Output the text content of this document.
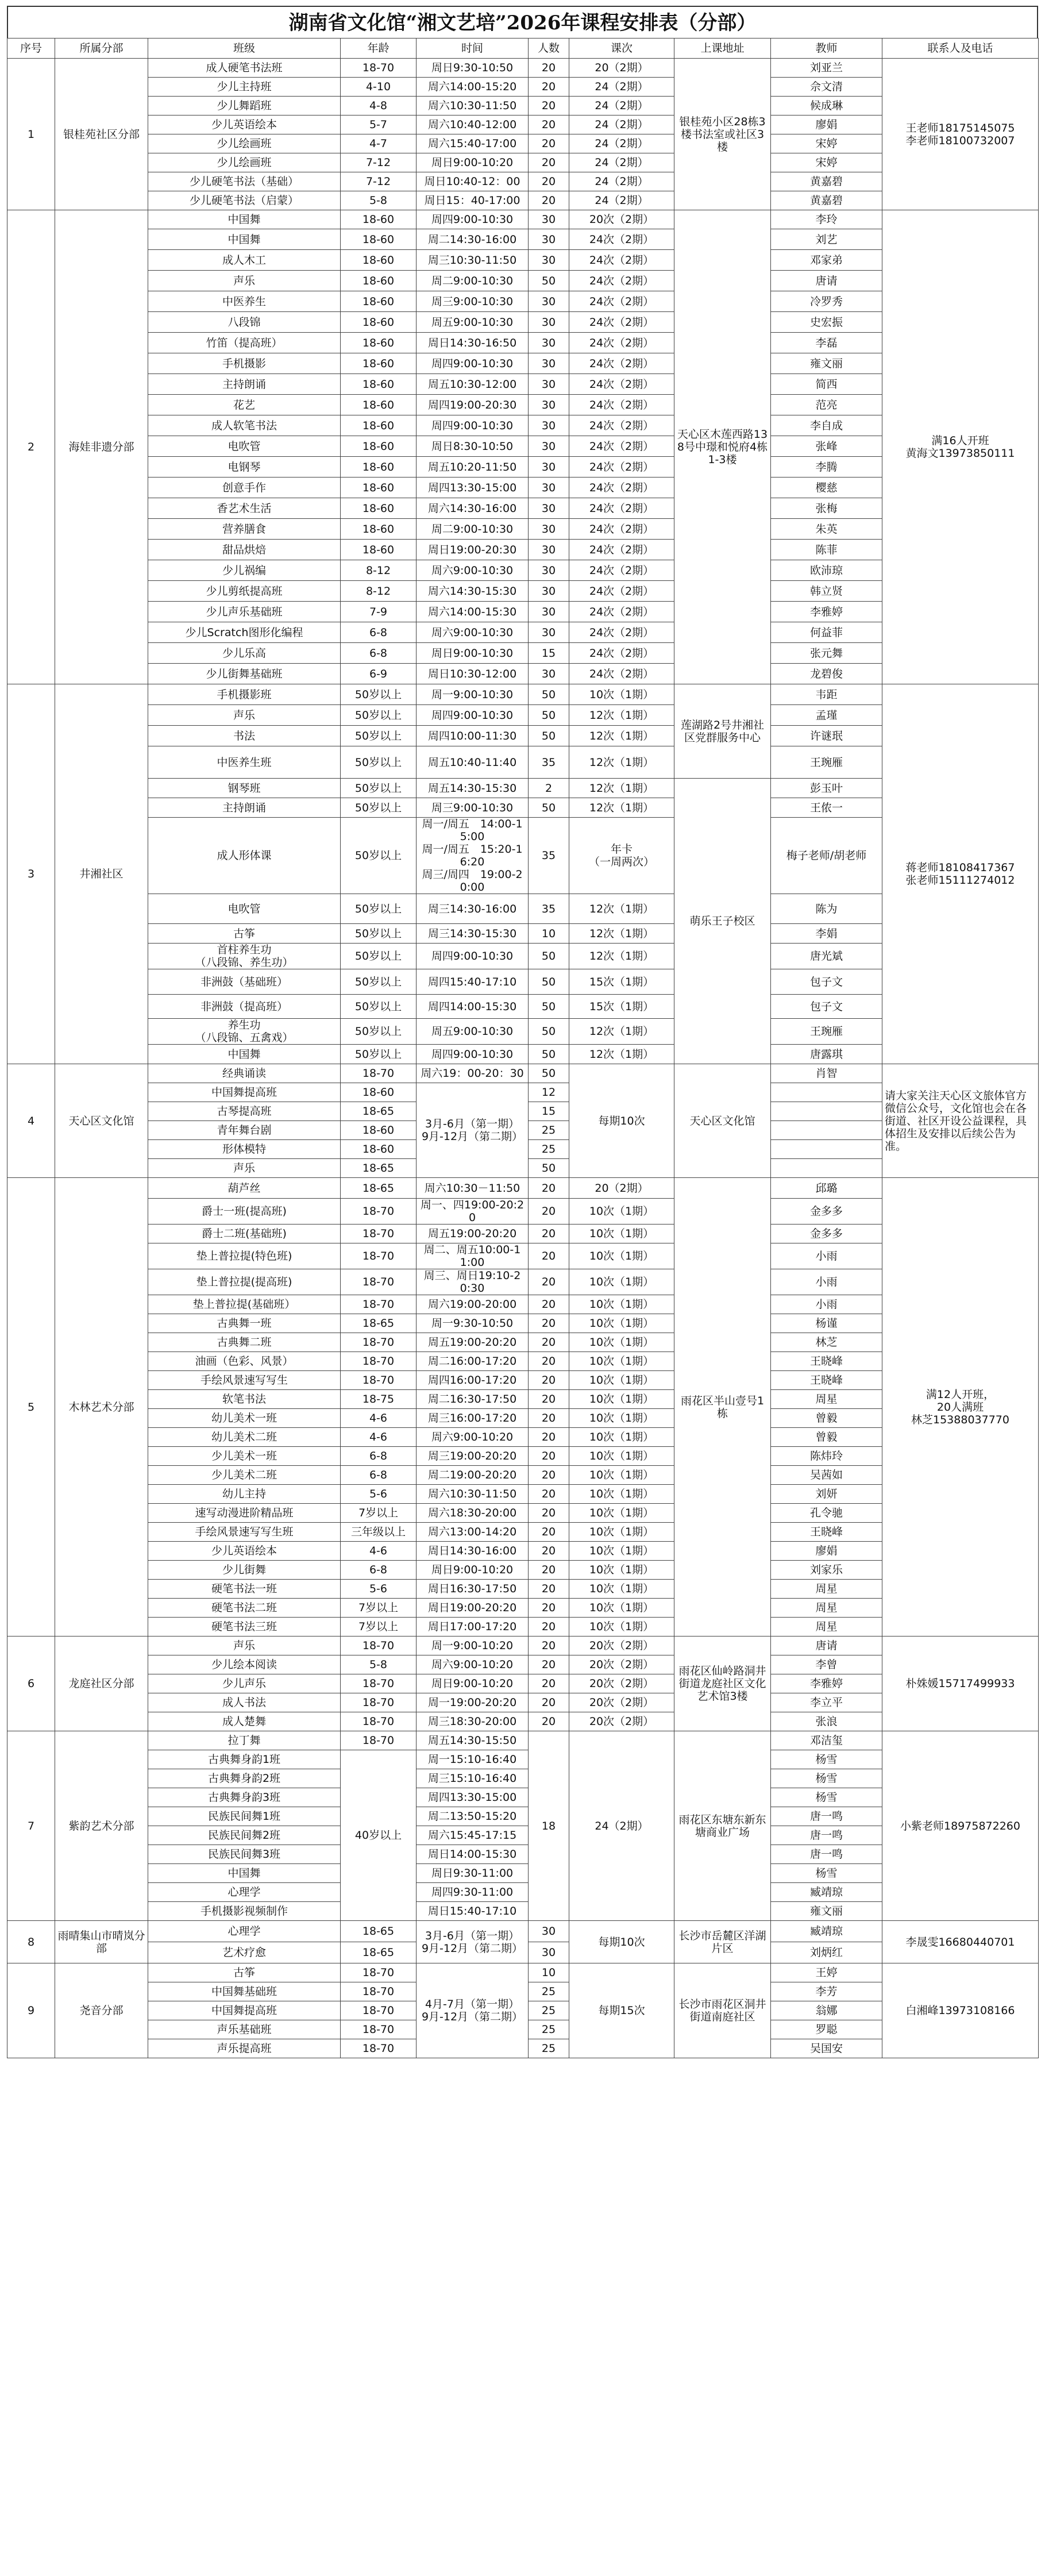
湖南省文化馆“湘文艺培”2026年课程安排表（分部）
序号	所属分部	班级	年龄	时间	人数	课次	上课地址	教师	联系人及电话
1	银桂苑社区分部	成人硬笔书法班	18-70	周日9:30-10:50	20	20（2期）	银桂苑小区28栋3楼书法室或社区3楼	刘亚兰	王老师18175145075
李老师18100732007
		少儿主持班	4-10	周六14:00-15:20	20	24（2期）		佘文清	
		少儿舞蹈班	4-8	周六10:30-11:50	20	24（2期）		候成琳	
		少儿英语绘本	5-7	周六10:40-12:00	20	24（2期）		廖娟	
		少儿绘画班	4-7	周六15:40-17:00	20	24（2期）		宋婷	
		少儿绘画班	7-12	周日9:00-10:20	20	24（2期）		宋婷	
		少儿硬笔书法（基础）	7-12	周日10:40-12：00	20	24（2期）		黄嘉碧	
		少儿硬笔书法（启蒙）	5-8	周日15：40-17:00	20	24（2期）		黄嘉碧	
2	海娃非遗分部	中国舞	18-60	周四9:00-10:30	30	20次（2期）	天心区木莲西路138号中璟和悦府4栋1-3楼	李玲	满16人开班
黄海文13973850111
		中国舞	18-60	周二14:30-16:00	30	24次（2期）		刘艺	
		成人木工	18-60	周三10:30-11:50	30	24次（2期）		邓家弟	
		声乐	18-60	周二9:00-10:30	50	24次（2期）		唐请	
		中医养生	18-60	周三9:00-10:30	30	24次（2期）		冷罗秀	
		八段锦	18-60	周五9:00-10:30	30	24次（2期）		史宏振	
		竹笛（提高班）	18-60	周日14:30-16:50	30	24次（2期）		李磊	
		手机摄影	18-60	周四9:00-10:30	30	24次（2期）		雍文丽	
		主持朗诵	18-60	周五10:30-12:00	30	24次（2期）		简西	
		花艺	18-60	周四19:00-20:30	30	24次（2期）		范亮	
		成人软笔书法	18-60	周四9:00-10:30	30	24次（2期）		李自成	
		电吹管	18-60	周日8:30-10:50	30	24次（2期）		张峰	
		电钢琴	18-60	周五10:20-11:50	30	24次（2期）		李腾	
		创意手作	18-60	周四13:30-15:00	30	24次（2期）		樱慈	
		香艺术生活	18-60	周六14:30-16:00	30	24次（2期）		张梅	
		营养膳食	18-60	周二9:00-10:30	30	24次（2期）		朱英	
		甜品烘焙	18-60	周日19:00-20:30	30	24次（2期）		陈菲	
		少儿祸编	8-12	周六9:00-10:30	30	24次（2期）		欧沛琼	
		少儿剪纸提高班	8-12	周六14:30-15:30	30	24次（2期）		韩立贤	
		少儿声乐基础班	7-9	周六14:00-15:30	30	24次（2期）		李雅婷	
		少儿Scratch图形化编程	6-8	周六9:00-10:30	30	24次（2期）		何益菲	
		少儿乐高	6-8	周日9:00-10:30	15	24次（2期）		张元舞	
		少儿街舞基础班	6-9	周日10:30-12:00	30	24次（2期）		龙碧俊	
3	井湘社区	手机摄影班	50岁以上	周一9:00-10:30	50	10次（1期）	莲湖路2号井湘社区党群服务中心	韦距	蒋老师18108417367
张老师15111274012
		声乐	50岁以上	周四9:00-10:30	50	12次（1期）		孟瑾	
		书法	50岁以上	周四10:00-11:30	50	12次（1期）		许谜珉	
		中医养生班	50岁以上	周五10:40-11:40	35	12次（1期）		王琬雁	
		钢琴班	50岁以上	周五14:30-15:30	2	12次（1期）	萌乐王子校区	彭玉叶	
		主持朗诵	50岁以上	周三9:00-10:30	50	12次（1期）		王侬一	
		成人形体课	50岁以上	周一/周五　14:00-15:00
周一/周五　15:20-16:20
周三/周四　19:00-20:00	35	年卡
（一周两次）		梅子老师/胡老师	
		电吹管	50岁以上	周三14:30-16:00	35	12次（1期）		陈为	
		古筝	50岁以上	周三14:30-15:30	10	12次（1期）		李娟	
		首柱养生功
（八段锦、养生功）	50岁以上	周四9:00-10:30	50	12次（1期）		唐光斌	
		非洲鼓（基础班）	50岁以上	周四15:40-17:10	50	15次（1期）		包子文	
		非洲鼓（提高班）	50岁以上	周四14:00-15:30	50	15次（1期）		包子文	
		养生功
（八段锦、五禽戏）	50岁以上	周五9:00-10:30	50	12次（1期）		王琬雁	
		中国舞	50岁以上	周四9:00-10:30	50	12次（1期）		唐露琪	
4	天心区文化馆	经典诵读	18-70	周六19：00-20：30	50	每期10次	天心区文化馆	肖智	请大家关注天心区文旅体官方微信公众号，文化馆也会在各街道、社区开设公益课程，具体招生及安排以后续公告为准。
		中国舞提高班	18-60	3月-6月（第一期）
9月-12月（第二期）	12				
		古琴提高班	18-65		15				
		青年舞台剧	18-60		25				
		形体模特	18-60		25				
		声乐	18-65		50				
5	木林艺术分部	葫芦丝	18-65	周六10:30－11:50	20	20（2期）	雨花区半山壹号1栋	邱璐	满12人开班，
20人满班
林芝15388037770
		爵士一班(提高班)	18-70	周一、四19:00-20:20	20	10次（1期）		金多多	
		爵士二班(基础班)	18-70	周五19:00-20:20	20	10次（1期）		金多多	
		垫上普拉提(特色班)	18-70	周二、周五10:00-11:00	20	10次（1期）		小雨	
		垫上普拉提(提高班)	18-70	周三、周日19:10-20:30	20	10次（1期）		小雨	
		垫上普拉提(基础班）	18-70	周六19:00-20:00	20	10次（1期）		小雨	
		古典舞一班	18-65	周一9:30-10:50	20	10次（1期）		杨谨	
		古典舞二班	18-70	周五19:00-20:20	20	10次（1期）		林芝	
		油画（色彩、风景）	18-70	周二16:00-17:20	20	10次（1期）		王晓峰	
		手绘风景速写写生	18-70	周四16:00-17:20	20	10次（1期）		王晓峰	
		软笔书法	18-75	周二16:30-17:50	20	10次（1期）		周星	
		幼儿美术一班	4-6	周三16:00-17:20	20	10次（1期）		曾毅	
		幼儿美术二班	4-6	周六9:00-10:20	20	10次（1期）		曾毅	
		少儿美术一班	6-8	周三19:00-20:20	20	10次（1期）		陈炜玲	
		少儿美术二班	6-8	周二19:00-20:20	20	10次（1期）		吴茜如	
		幼儿主持	5-6	周六10:30-11:50	20	10次（1期）		刘妍	
		速写动漫进阶精品班	7岁以上	周六18:30-20:00	20	10次（1期）		孔令驰	
		手绘风景速写写生班	三年级以上	周六13:00-14:20	20	10次（1期）		王晓峰	
		少儿英语绘本	4-6	周日14:30-16:00	20	10次（1期）		廖娟	
		少儿街舞	6-8	周日9:00-10:20	20	10次（1期）		刘家乐	
		硬笔书法一班	5-6	周日16:30-17:50	20	10次（1期）		周星	
		硬笔书法二班	7岁以上	周日19:00-20:20	20	10次（1期）		周星	
		硬笔书法三班	7岁以上	周日17:00-17:20	20	10次（1期）		周星	
6	龙庭社区分部	声乐	18-70	周一9:00-10:20	20	20次（2期）	雨花区仙岭路洞井街道龙庭社区文化艺术馆3楼	唐请	朴姝媛15717499933
		少儿绘本阅读	5-8	周六9:00-10:20	20	20次（2期）		李曾	
		少儿声乐	18-70	周日9:00-10:20	20	20次（2期）		李雅婷	
		成人书法	18-70	周一19:00-20:20	20	20次（2期）		李立平	
		成人楚舞	18-70	周三18:30-20:00	20	20次（2期）		张浪	
7	紫韵艺术分部	拉丁舞	18-70	周五14:30-15:50	18	24（2期）	雨花区东塘东新东塘商业广场	邓洁玺	小紫老师18975872260
		古典舞身韵1班	40岁以上	周一15:10-16:40				杨雪	
		古典舞身韵2班		周三15:10-16:40				杨雪	
		古典舞身韵3班		周四13:30-15:00				杨雪	
		民族民间舞1班		周二13:50-15:20				唐一鸣	
		民族民间舞2班		周六15:45-17:15				唐一鸣	
		民族民间舞3班		周日14:00-15:30				唐一鸣	
		中国舞		周日9:30-11:00				杨雪	
		心理学		周四9:30-11:00				臧靖琼	
		手机摄影视频制作		周日15:40-17:10				雍文丽	
8	雨晴集山市晴岚分部	心理学	18-65	3月-6月（第一期）
9月-12月（第二期）	30	每期10次	长沙市岳麓区洋湖片区	臧靖琼	李晟雯16680440701
		艺术疗愈	18-65		30			刘炳红	
9	尧音分部	古筝	18-70	4月-7月（第一期）
9月-12月（第二期）	10	每期15次	长沙市雨花区洞井街道南庭社区	王婷	白湘峰13973108166
		中国舞基础班	18-70		25			李芳	
		中国舞提高班	18-70		25			翁娜	
		声乐基础班	18-70		25			罗聪	
		声乐提高班	18-70		25			吴国安	
